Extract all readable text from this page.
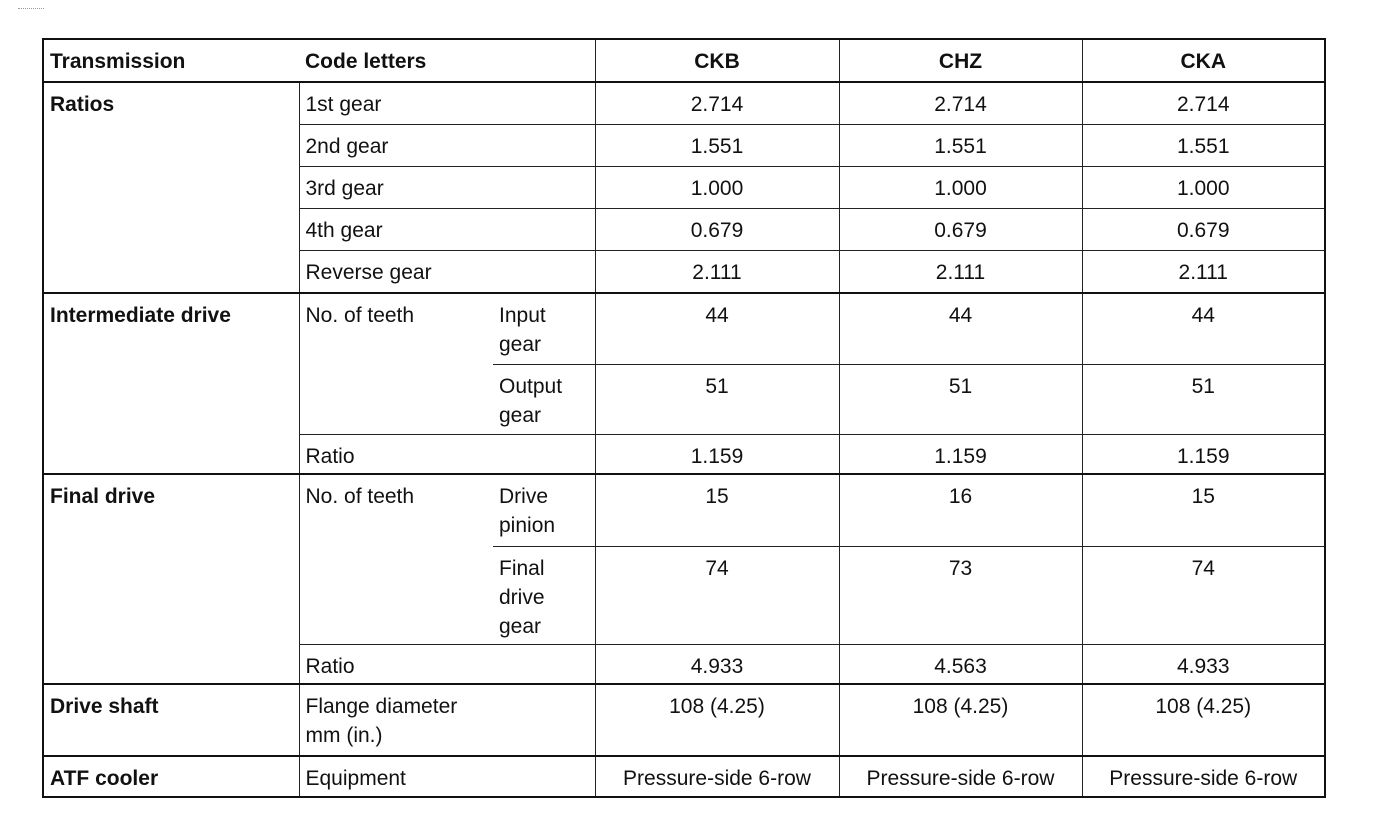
Transmission	Code letters		CKB	CHZ	CKA
Ratios	1st gear		2.714	2.714	2.714
	2nd gear		1.551	1.551	1.551
	3rd gear		1.000	1.000	1.000
	4th gear		0.679	0.679	0.679
	Reverse gear		2.111	2.111	2.111
Intermediate drive	No. of teeth	Input gear	44	44	44
		Output gear	51	51	51
	Ratio		1.159	1.159	1.159
Final drive	No. of teeth	Drive pinion	15	16	15
		Final drive gear	74	73	74
	Ratio		4.933	4.563	4.933
Drive shaft	Flange diameter mm (in.)		108 (4.25)	108 (4.25)	108 (4.25)
ATF cooler	Equipment		Pressure-side 6-row	Pressure-side 6-row	Pressure-side 6-row
